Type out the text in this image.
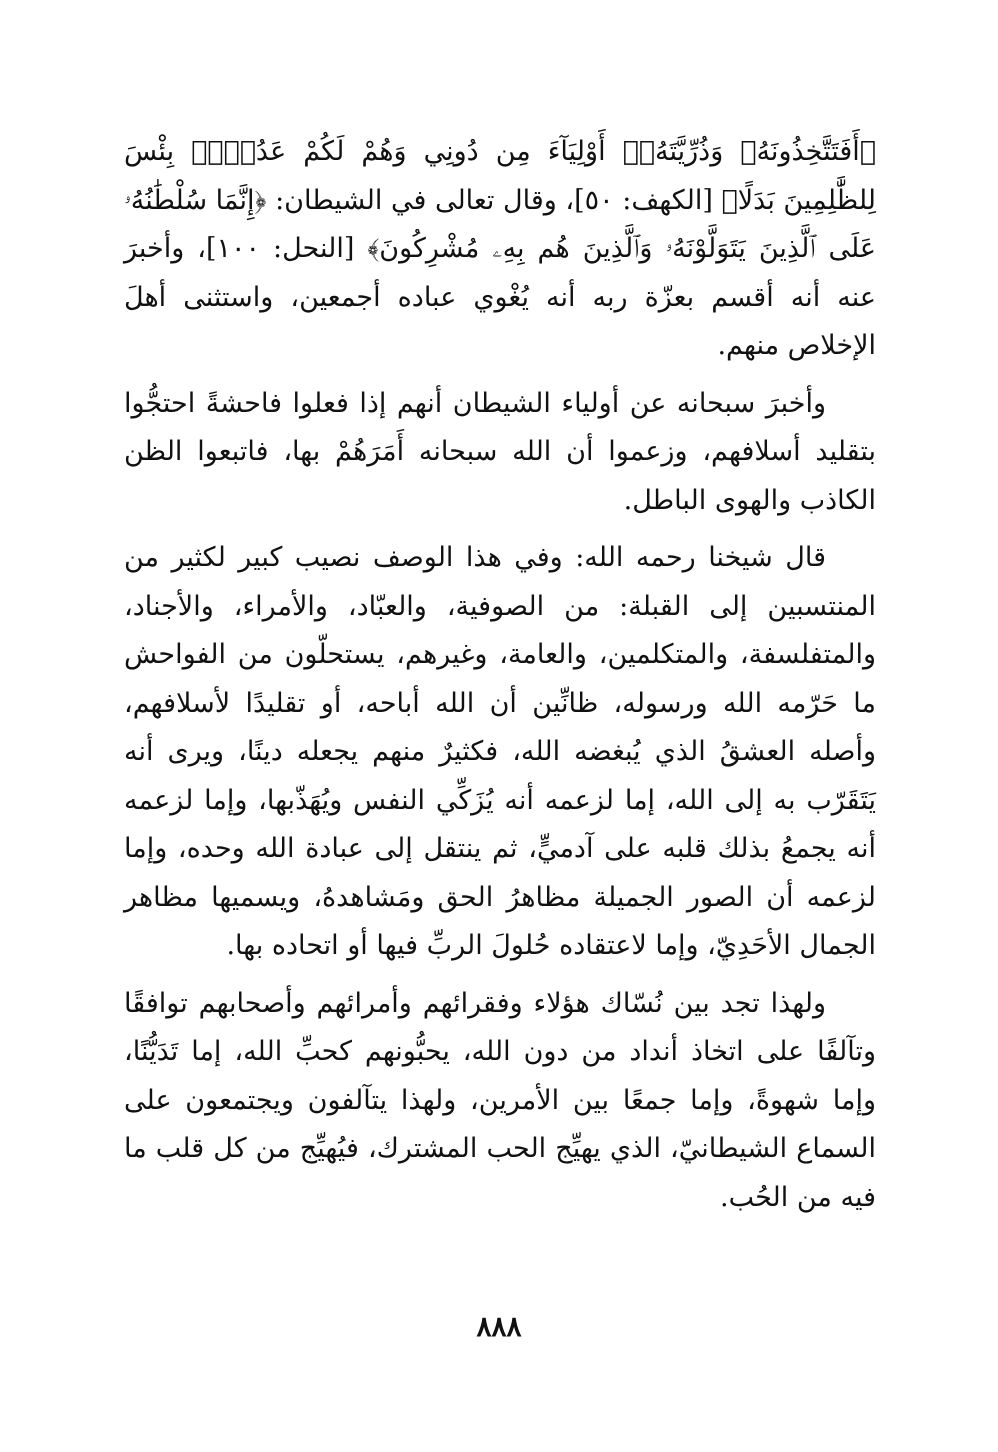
﴿أَفَتَتَّخِذُونَهُۥ وَذُرِّيَّتَهُۥٓ أَوْلِيَآءَ مِن دُونِي وَهُمْ لَكُمْ عَدُوٌّۢ بِئْسَ لِلظَّٰلِمِينَ بَدَلًا﴾ [الكهف: ٥٠]، وقال تعالى في الشيطان: ﴿إِنَّمَا سُلْطَٰنُهُۥ عَلَى ٱلَّذِينَ يَتَوَلَّوْنَهُۥ وَٱلَّذِينَ هُم بِهِۦ مُشْرِكُونَ﴾ [النحل: ١٠٠]، وأخبرَ عنه أنه أقسم بعزّة ربه أنه يُغْوي عباده أجمعين، واستثنى أهلَ الإخلاص منهم.

وأخبرَ سبحانه عن أولياء الشيطان أنهم إذا فعلوا فاحشةً احتجُّوا بتقليد أسلافهم، وزعموا أن الله سبحانه أَمَرَهُمْ بها، فاتبعوا الظن الكاذب والهوى الباطل.

قال شيخنا رحمه الله: وفي هذا الوصف نصيب كبير لكثير من المنتسبين إلى القبلة: من الصوفية، والعبّاد، والأمراء، والأجناد، والمتفلسفة، والمتكلمين، والعامة، وغيرهم، يستحلّون من الفواحش ما حَرّمه الله ورسوله، ظانِّين أن الله أباحه، أو تقليدًا لأسلافهم، وأصله العشقُ الذي يُبغضه الله، فكثيرٌ منهم يجعله دينًا، ويرى أنه يَتَقَرّب به إلى الله، إما لزعمه أنه يُزَكِّي النفس ويُهَذّبها، وإما لزعمه أنه يجمعُ بذلك قلبه على آدميٍّ، ثم ينتقل إلى عبادة الله وحده، وإما لزعمه أن الصور الجميلة مظاهرُ الحق ومَشاهدهُ، ويسميها مظاهر الجمال الأحَدِيّ، وإما لاعتقاده حُلولَ الربِّ فيها أو اتحاده بها.

ولهذا تجد بين نُسّاك هؤلاء وفقرائهم وأمرائهم وأصحابهم توافقًا وتآلفًا على اتخاذ أنداد من دون الله، يحبُّونهم كحبِّ الله، إما تَدَيُّنًا، وإما شهوةً، وإما جمعًا بين الأمرين، ولهذا يتآلفون ويجتمعون على السماع الشيطانيّ، الذي يهيِّج الحب المشترك، فيُهيِّج من كل قلب ما فيه من الحُب.

٨٨٨
